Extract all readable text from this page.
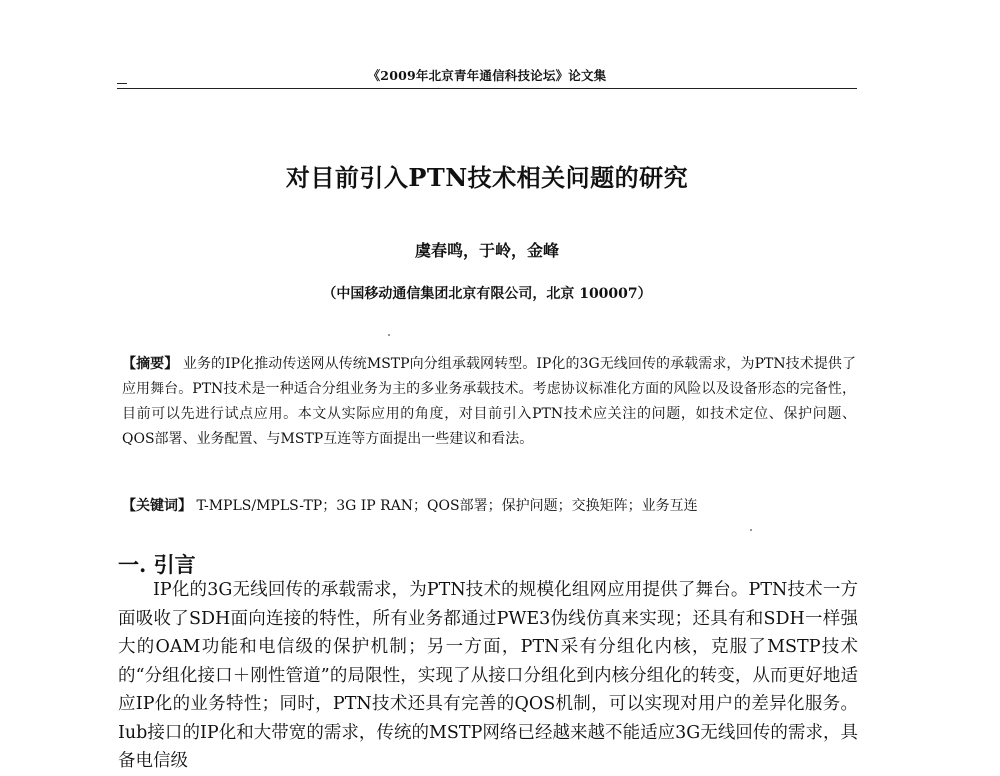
《2009年北京青年通信科技论坛》论文集
对目前引入PTN技术相关问题的研究
虞春鸣，于岭，金峰
（中国移动通信集团北京有限公司，北京 100007）

【摘要】 业务的IP化推动传送网从传统MSTP向分组承载网转型。IP化的3G无线回传的承载需求，为PTN技术提供了应用舞台。PTN技术是一种适合分组业务为主的多业务承载技术。考虑协议标准化方面的风险以及设备形态的完备性，目前可以先进行试点应用。本文从实际应用的角度，对目前引入PTN技术应关注的问题，如技术定位、保护问题、QOS部署、业务配置、与MSTP互连等方面提出一些建议和看法。

【关键词】 T-MPLS/MPLS-TP；3G IP RAN；QOS部署；保护问题；交换矩阵；业务互连

一. 引言

IP化的3G无线回传的承载需求，为PTN技术的规模化组网应用提供了舞台。PTN技术一方面吸收了SDH面向连接的特性，所有业务都通过PWE3伪线仿真来实现；还具有和SDH一样强大的OAM功能和电信级的保护机制；另一方面，PTN采有分组化内核，克服了MSTP技术的“分组化接口＋刚性管道”的局限性，实现了从接口分组化到内核分组化的转变，从而更好地适应IP化的业务特性；同时，PTN技术还具有完善的QOS机制，可以实现对用户的差异化服务。Iub接口的IP化和大带宽的需求，传统的MSTP网络已经越来越不能适应3G无线回传的需求，具备电信级
